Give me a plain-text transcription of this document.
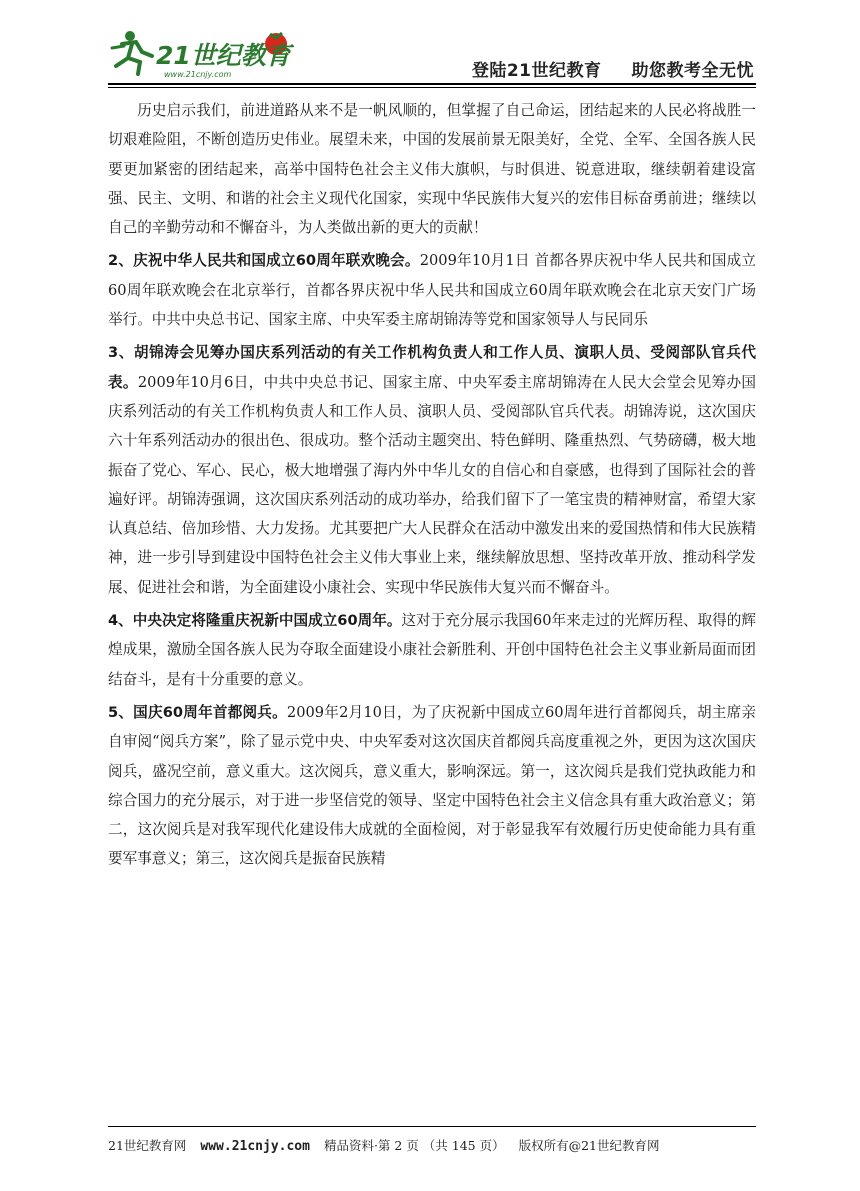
21世纪教育
www.21cnjy.com	登陆21世纪教育 助您教考全无忧

历史启示我们，前进道路从来不是一帆风顺的，但掌握了自己命运，团结起来的人民必将战胜一切艰难险阻，不断创造历史伟业。展望未来，中国的发展前景无限美好，全党、全军、全国各族人民要更加紧密的团结起来，高举中国特色社会主义伟大旗帜，与时俱进、锐意进取，继续朝着建设富强、民主、文明、和谐的社会主义现代化国家，实现中华民族伟大复兴的宏伟目标奋勇前进；继续以自己的辛勤劳动和不懈奋斗，为人类做出新的更大的贡献！

2、庆祝中华人民共和国成立60周年联欢晚会。2009年10月1日 首都各界庆祝中华人民共和国成立60周年联欢晚会在北京举行，首都各界庆祝中华人民共和国成立60周年联欢晚会在北京天安门广场举行。中共中央总书记、国家主席、中央军委主席胡锦涛等党和国家领导人与民同乐

3、胡锦涛会见筹办国庆系列活动的有关工作机构负责人和工作人员、演职人员、受阅部队官兵代表。2009年10月6日，中共中央总书记、国家主席、中央军委主席胡锦涛在人民大会堂会见筹办国庆系列活动的有关工作机构负责人和工作人员、演职人员、受阅部队官兵代表。胡锦涛说，这次国庆六十年系列活动办的很出色、很成功。整个活动主题突出、特色鲜明、隆重热烈、气势磅礴，极大地振奋了党心、军心、民心，极大地增强了海内外中华儿女的自信心和自豪感，也得到了国际社会的普遍好评。胡锦涛强调，这次国庆系列活动的成功举办，给我们留下了一笔宝贵的精神财富，希望大家认真总结、倍加珍惜、大力发扬。尤其要把广大人民群众在活动中激发出来的爱国热情和伟大民族精神，进一步引导到建设中国特色社会主义伟大事业上来，继续解放思想、坚持改革开放、推动科学发展、促进社会和谐，为全面建设小康社会、实现中华民族伟大复兴而不懈奋斗。

4、中央决定将隆重庆祝新中国成立60周年。这对于充分展示我国60年来走过的光辉历程、取得的辉煌成果，激励全国各族人民为夺取全面建设小康社会新胜利、开创中国特色社会主义事业新局面而团结奋斗，是有十分重要的意义。

5、国庆60周年首都阅兵。2009年2月10日，为了庆祝新中国成立60周年进行首都阅兵，胡主席亲自审阅“阅兵方案”，除了显示党中央、中央军委对这次国庆首都阅兵高度重视之外，更因为这次国庆阅兵，盛况空前，意义重大。这次阅兵，意义重大，影响深远。第一，这次阅兵是我们党执政能力和综合国力的充分展示，对于进一步坚信党的领导、坚定中国特色社会主义信念具有重大政治意义；第二，这次阅兵是对我军现代化建设伟大成就的全面检阅，对于彰显我军有效履行历史使命能力具有重要军事意义；第三，这次阅兵是振奋民族精

21世纪教育网 www.21cnjy.com 精品资料·第 2 页 （共 145 页） 版权所有@21世纪教育网
